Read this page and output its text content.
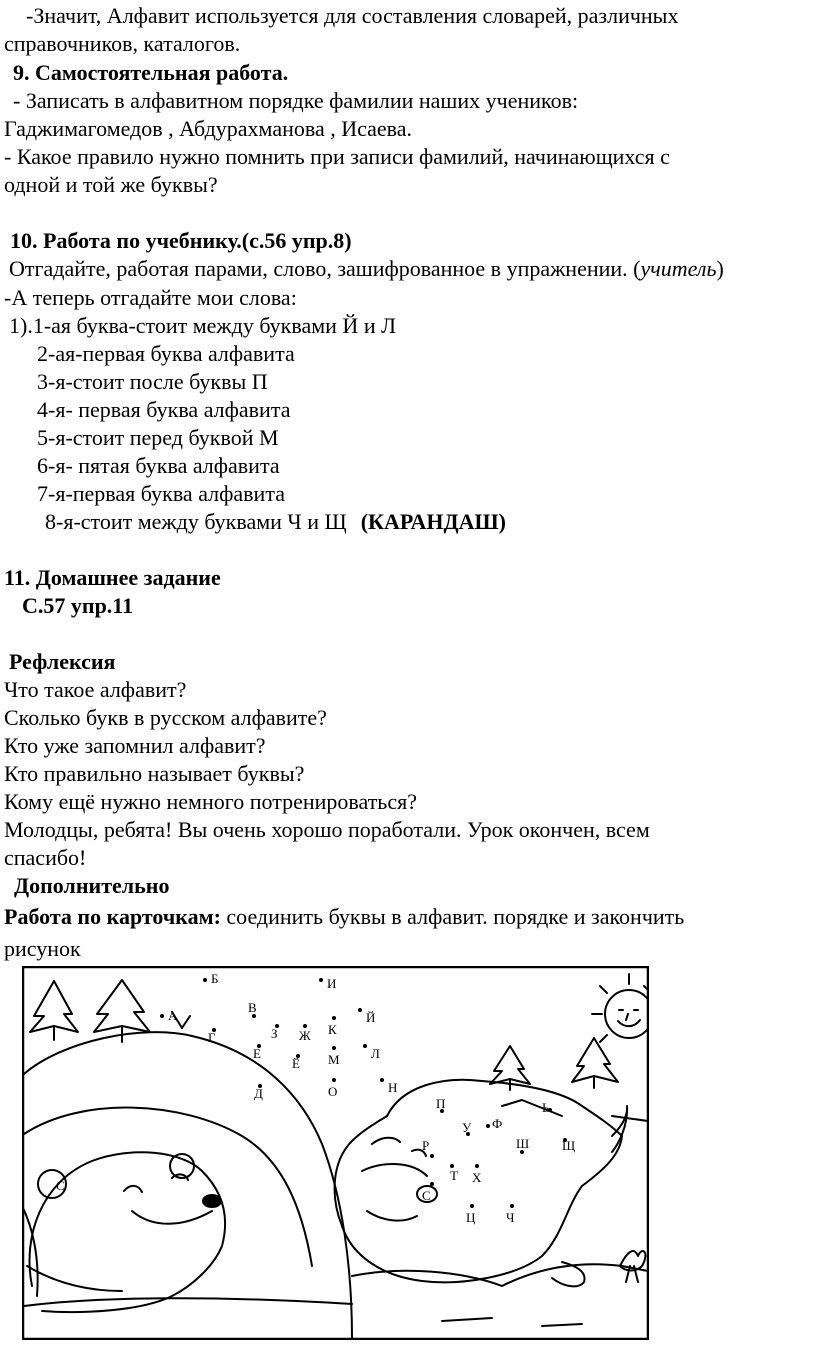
-Значит, Алфавит используется для составления словарей, различных
справочников, каталогов.
9. Самостоятельная работа.
- Записать в алфавитном порядке фамилии наших учеников:
Гаджимагомедов , Абдурахманова , Исаева.
- Какое правило нужно помнить при записи фамилий, начинающихся с
одной и той же буквы?
10. Работа по учебнику.(с.56 упр.8)
Отгадайте, работая парами, слово, зашифрованное в упражнении. (учитель)
-А теперь отгадайте мои слова:
1).1-ая буква-стоит между буквами Й и Л
2-ая-первая буква алфавита
3-я-стоит после буквы П
4-я- первая буква алфавита
5-я-стоит перед буквой М
6-я- пятая буква алфавита
7-я-первая буква алфавита
8-я-стоит между буквами Ч и Щ (КАРАНДАШ)
11. Домашнее задание
С.57 упр.11
Рефлексия
Что такое алфавит?
Сколько букв в русском алфавите?
Кто уже запомнил алфавит?
Кто правильно называет буквы?
Кому ещё нужно немного потренироваться?
Молодцы, ребята! Вы очень хорошо поработали. Урок окончен, всем
спасибо!
Дополнительно
Работа по карточкам: соединить буквы в алфавит. порядке и закончить
рисунок
А
Б
В
Г
Д
Е
Ё
Ж
З
И
Й
К
Л
М
Н
О
П
Р
С
Т
У Ф
Х
Ц Ч
Ш	Щ
Ь
С
